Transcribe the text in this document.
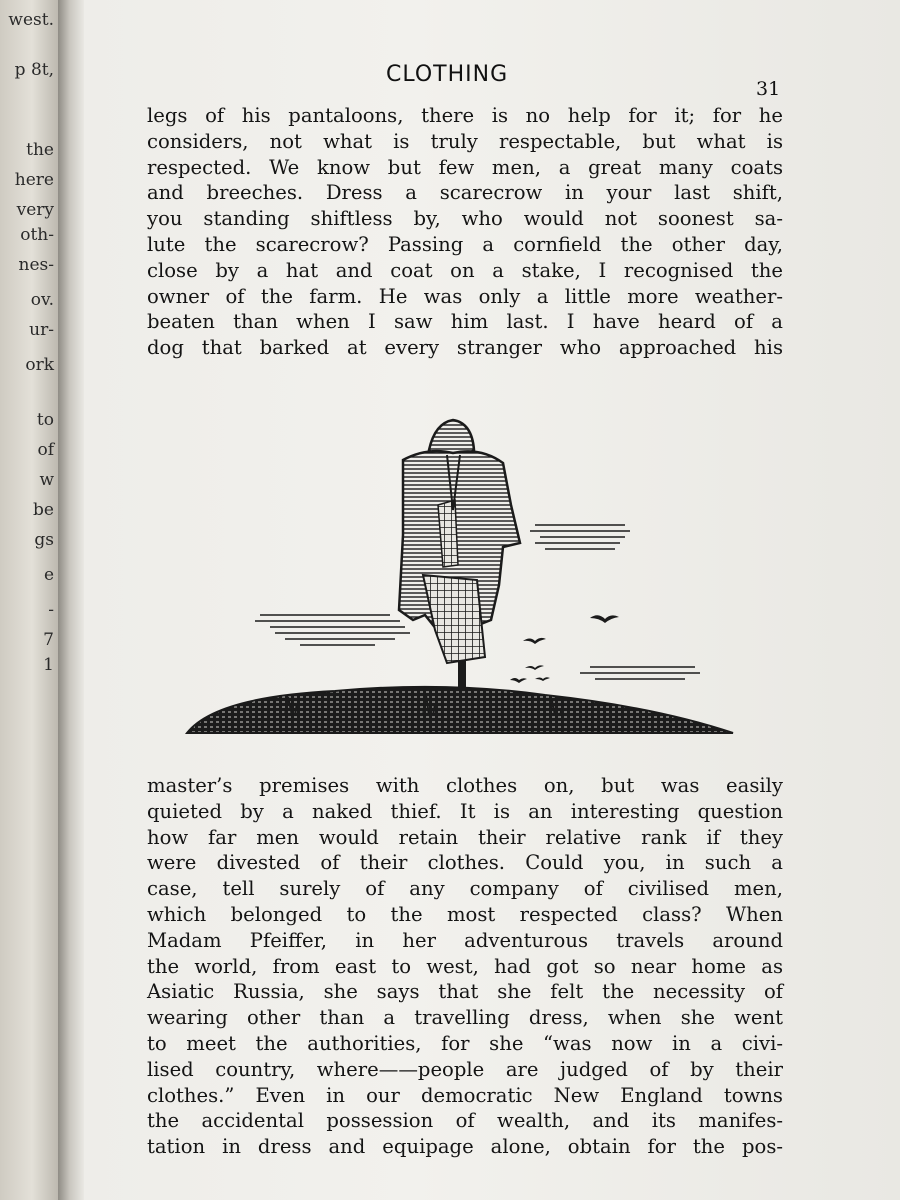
west.
p 8t,
the
here
very
oth-
nes-
ov.
ur-
ork
to
of
w
be
gs
e
-
7
1
CLOTHING
31
legs of his pantaloons, there is no help for it; for he
considers, not what is truly respectable, but what is
respected. We know but few men, a great many coats
and breeches. Dress a scarecrow in your last shift,
you standing shiftless by, who would not soonest sa-
lute the scarecrow? Passing a cornfield the other day,
close by a hat and coat on a stake, I recognised the
owner of the farm. He was only a little more weather-
beaten than when I saw him last. I have heard of a
dog that barked at every stranger who approached his
master’s premises with clothes on, but was easily
quieted by a naked thief. It is an interesting question
how far men would retain their relative rank if they
were divested of their clothes. Could you, in such a
case, tell surely of any company of civilised men,
which belonged to the most respected class? When
Madam Pfeiffer, in her adventurous travels around
the world, from east to west, had got so near home as
Asiatic Russia, she says that she felt the necessity of
wearing other than a travelling dress, when she went
to meet the authorities, for she “was now in a civi-
lised country, where——people are judged of by their
clothes.” Even in our democratic New England towns
the accidental possession of wealth, and its manifes-
tation in dress and equipage alone, obtain for the pos-
